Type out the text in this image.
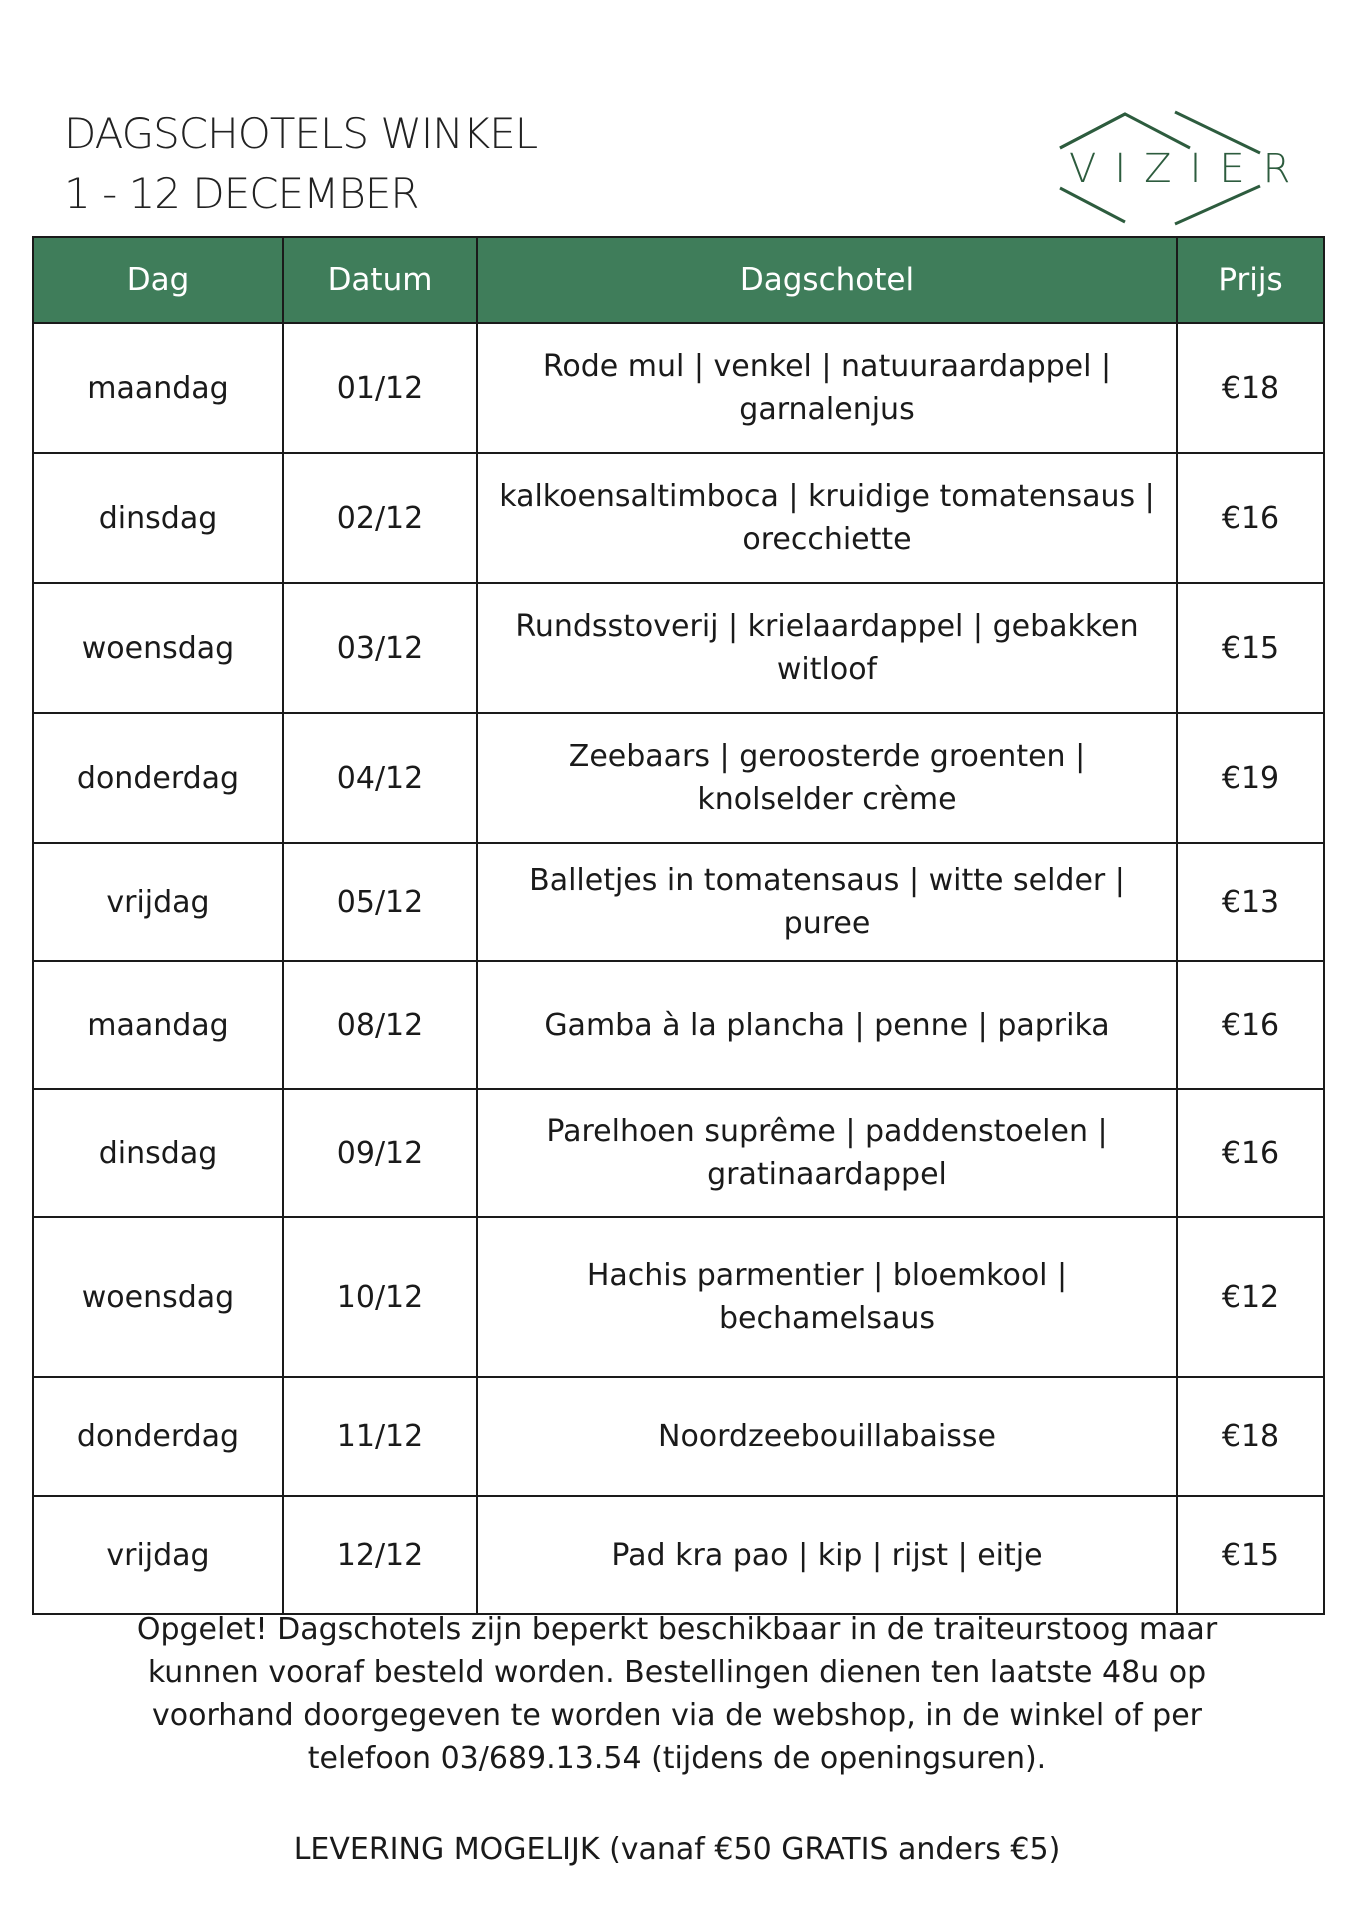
DAGSCHOTELS WINKEL
1 - 12 DECEMBER	VIZIER
Dag	Datum	Dagschotel	Prijs
maandag	01/12	Rode mul | venkel | natuuraardappel | garnalenjus	€18
dinsdag	02/12	kalkoensaltimboca | kruidige tomatensaus | orecchiette	€16
woensdag	03/12	Rundsstoverij | krielaardappel | gebakken witloof	€15
donderdag	04/12	Zeebaars | geroosterde groenten | knolselder crème	€19
vrijdag	05/12	Balletjes in tomatensaus | witte selder | puree	€13
maandag	08/12	Gamba à la plancha | penne | paprika	€16
dinsdag	09/12	Parelhoen suprême | paddenstoelen | gratinaardappel	€16
woensdag	10/12	Hachis parmentier | bloemkool | bechamelsaus	€12
donderdag	11/12	Noordzeebouillabaisse	€18
vrijdag	12/12	Pad kra pao | kip | rijst | eitje	€15
Opgelet! Dagschotels zijn beperkt beschikbaar in de traiteurstoog maar kunnen vooraf besteld worden. Bestellingen dienen ten laatste 48u op voorhand doorgegeven te worden via de webshop, in de winkel of per telefoon 03/689.13.54 (tijdens de openingsuren).
LEVERING MOGELIJK (vanaf €50 GRATIS anders €5)
